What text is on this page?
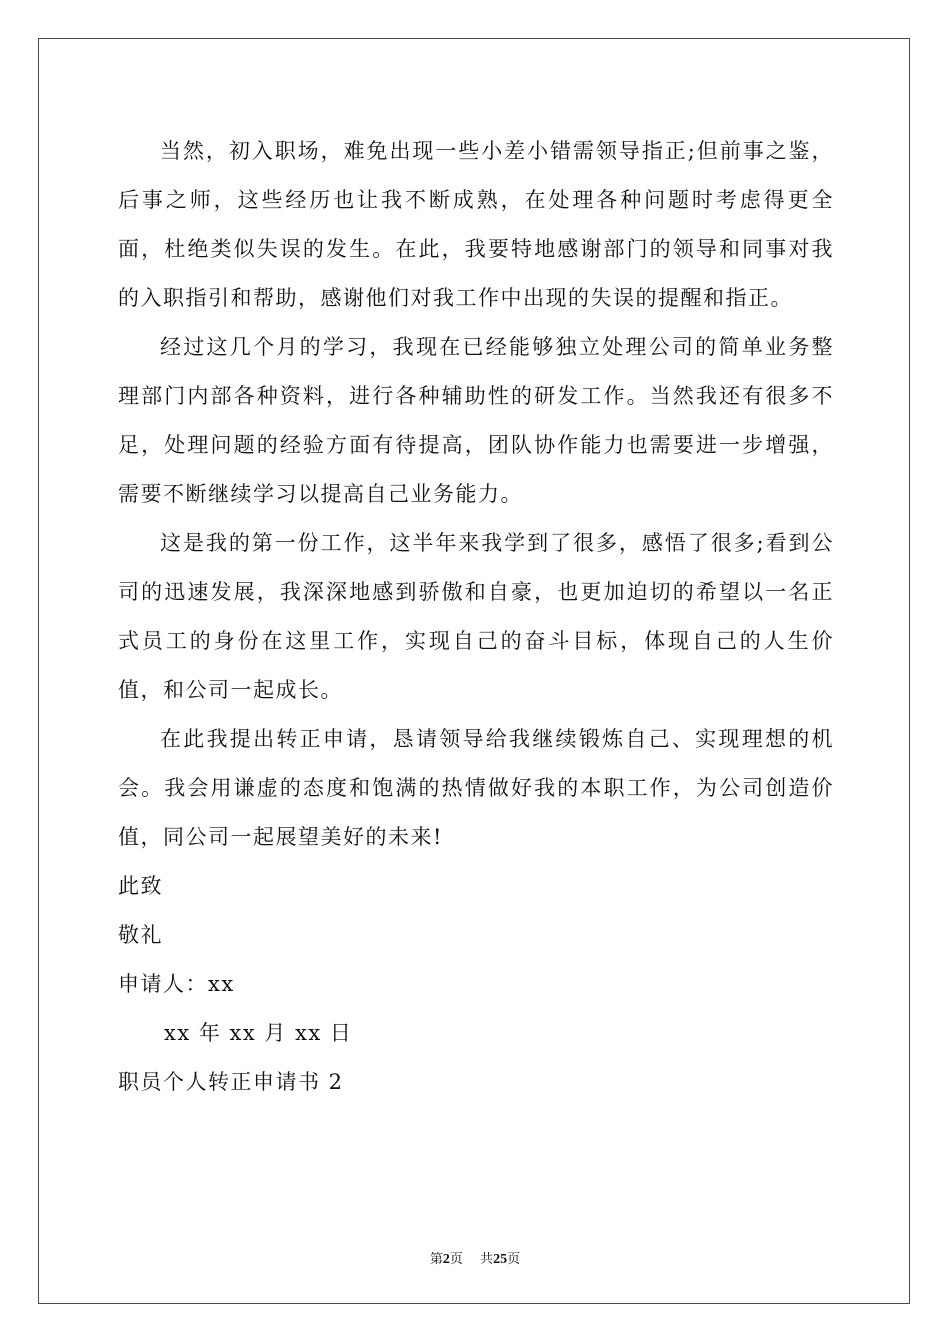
当然，初入职场，难免出现一些小差小错需领导指正;但前事之鉴，后事之师，这些经历也让我不断成熟，在处理各种问题时考虑得更全面，杜绝类似失误的发生。在此，我要特地感谢部门的领导和同事对我的入职指引和帮助，感谢他们对我工作中出现的失误的提醒和指正。

经过这几个月的学习，我现在已经能够独立处理公司的简单业务整理部门内部各种资料，进行各种辅助性的研发工作。当然我还有很多不足，处理问题的经验方面有待提高，团队协作能力也需要进一步增强，需要不断继续学习以提高自己业务能力。

这是我的第一份工作，这半年来我学到了很多，感悟了很多;看到公司的迅速发展，我深深地感到骄傲和自豪，也更加迫切的希望以一名正式员工的身份在这里工作，实现自己的奋斗目标，体现自己的人生价值，和公司一起成长。

在此我提出转正申请，恳请领导给我继续锻炼自己、实现理想的机会。我会用谦虚的态度和饱满的热情做好我的本职工作，为公司创造价值，同公司一起展望美好的未来!

此致

敬礼

申请人：xx

xx 年 xx 月 xx 日

职员个人转正申请书 2

第2页　 共25页
